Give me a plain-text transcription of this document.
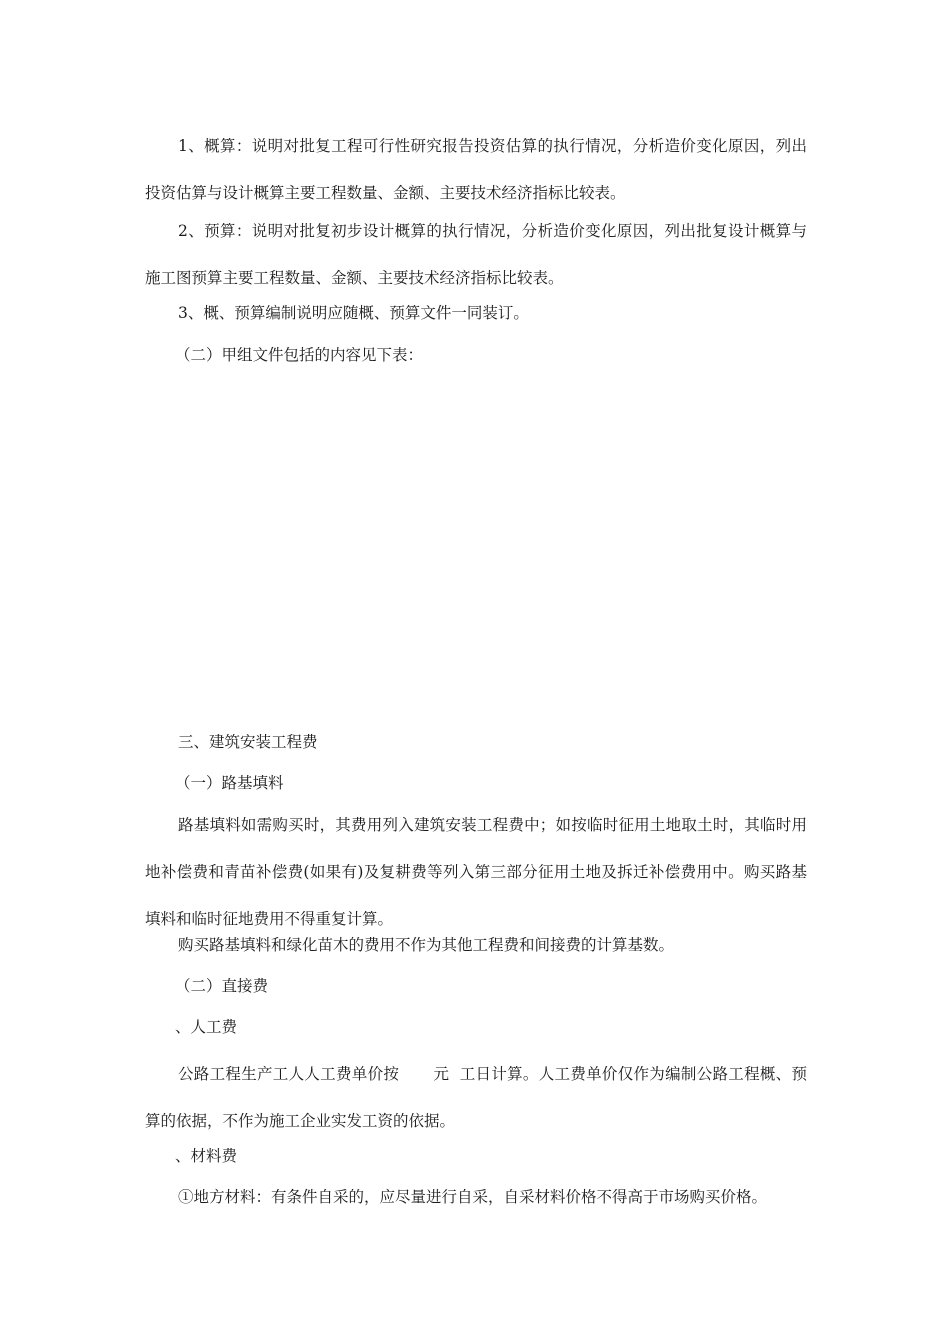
1、概算：说明对批复工程可行性研究报告投资估算的执行情况，分析造价变化原因，列出投资估算与设计概算主要工程数量、金额、主要技术经济指标比较表。

2、预算：说明对批复初步设计概算的执行情况，分析造价变化原因，列出批复设计概算与施工图预算主要工程数量、金额、主要技术经济指标比较表。

3、概、预算编制说明应随概、预算文件一同装订。

（二）甲组文件包括的内容见下表：

三、建筑安装工程费

（一）路基填料

路基填料如需购买时，其费用列入建筑安装工程费中；如按临时征用土地取土时，其临时用地补偿费和青苗补偿费(如果有)及复耕费等列入第三部分征用土地及拆迁补偿费用中。购买路基填料和临时征地费用不得重复计算。

购买路基填料和绿化苗木的费用不作为其他工程费和间接费的计算基数。

（二）直接费

、人工费

公路工程生产工人人工费单价按 元 工日计算。人工费单价仅作为编制公路工程概、预算的依据，不作为施工企业实发工资的依据。

、材料费

①地方材料：有条件自采的，应尽量进行自采，自采材料价格不得高于市场购买价格。
